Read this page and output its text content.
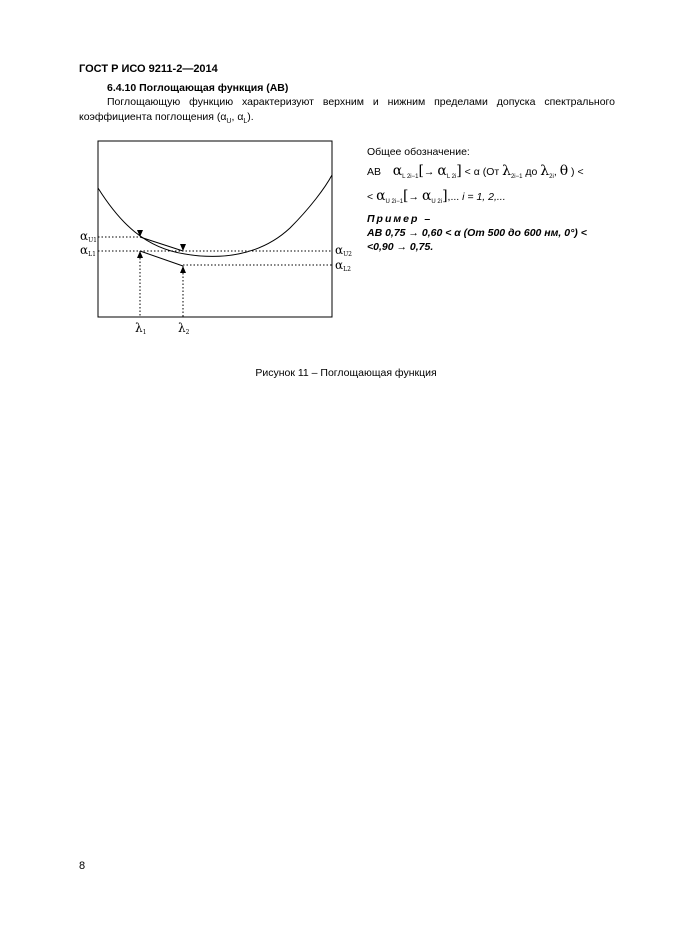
ГОСТ Р ИСО 9211-2—2014
6.4.10 Поглощающая функция (AB)
Поглощающую функцию характеризуют верхним и нижним пределами допуска спектрального коэффициента поглощения ($\alpha_U$, $\alpha_L$).
αU1
αL1	αU2
αL2
λ1	λ2
Общее обозначение:
AB $\alpha_{L 2i-1}[\to \alpha_{L 2i}] < \alpha$ (От $\lambda_{2i-1}$ до $\lambda_{2i}$, θ ) <
< $\alpha_{U 2i-1}[\to \alpha_{U 2i}]$,... i = 1, 2,...
Пример –
AB 0,75 → 0,60 < α (От 500 до 600 нм, 0°) <
<0,90 → 0,75.
Рисунок 11 – Поглощающая функция
8
